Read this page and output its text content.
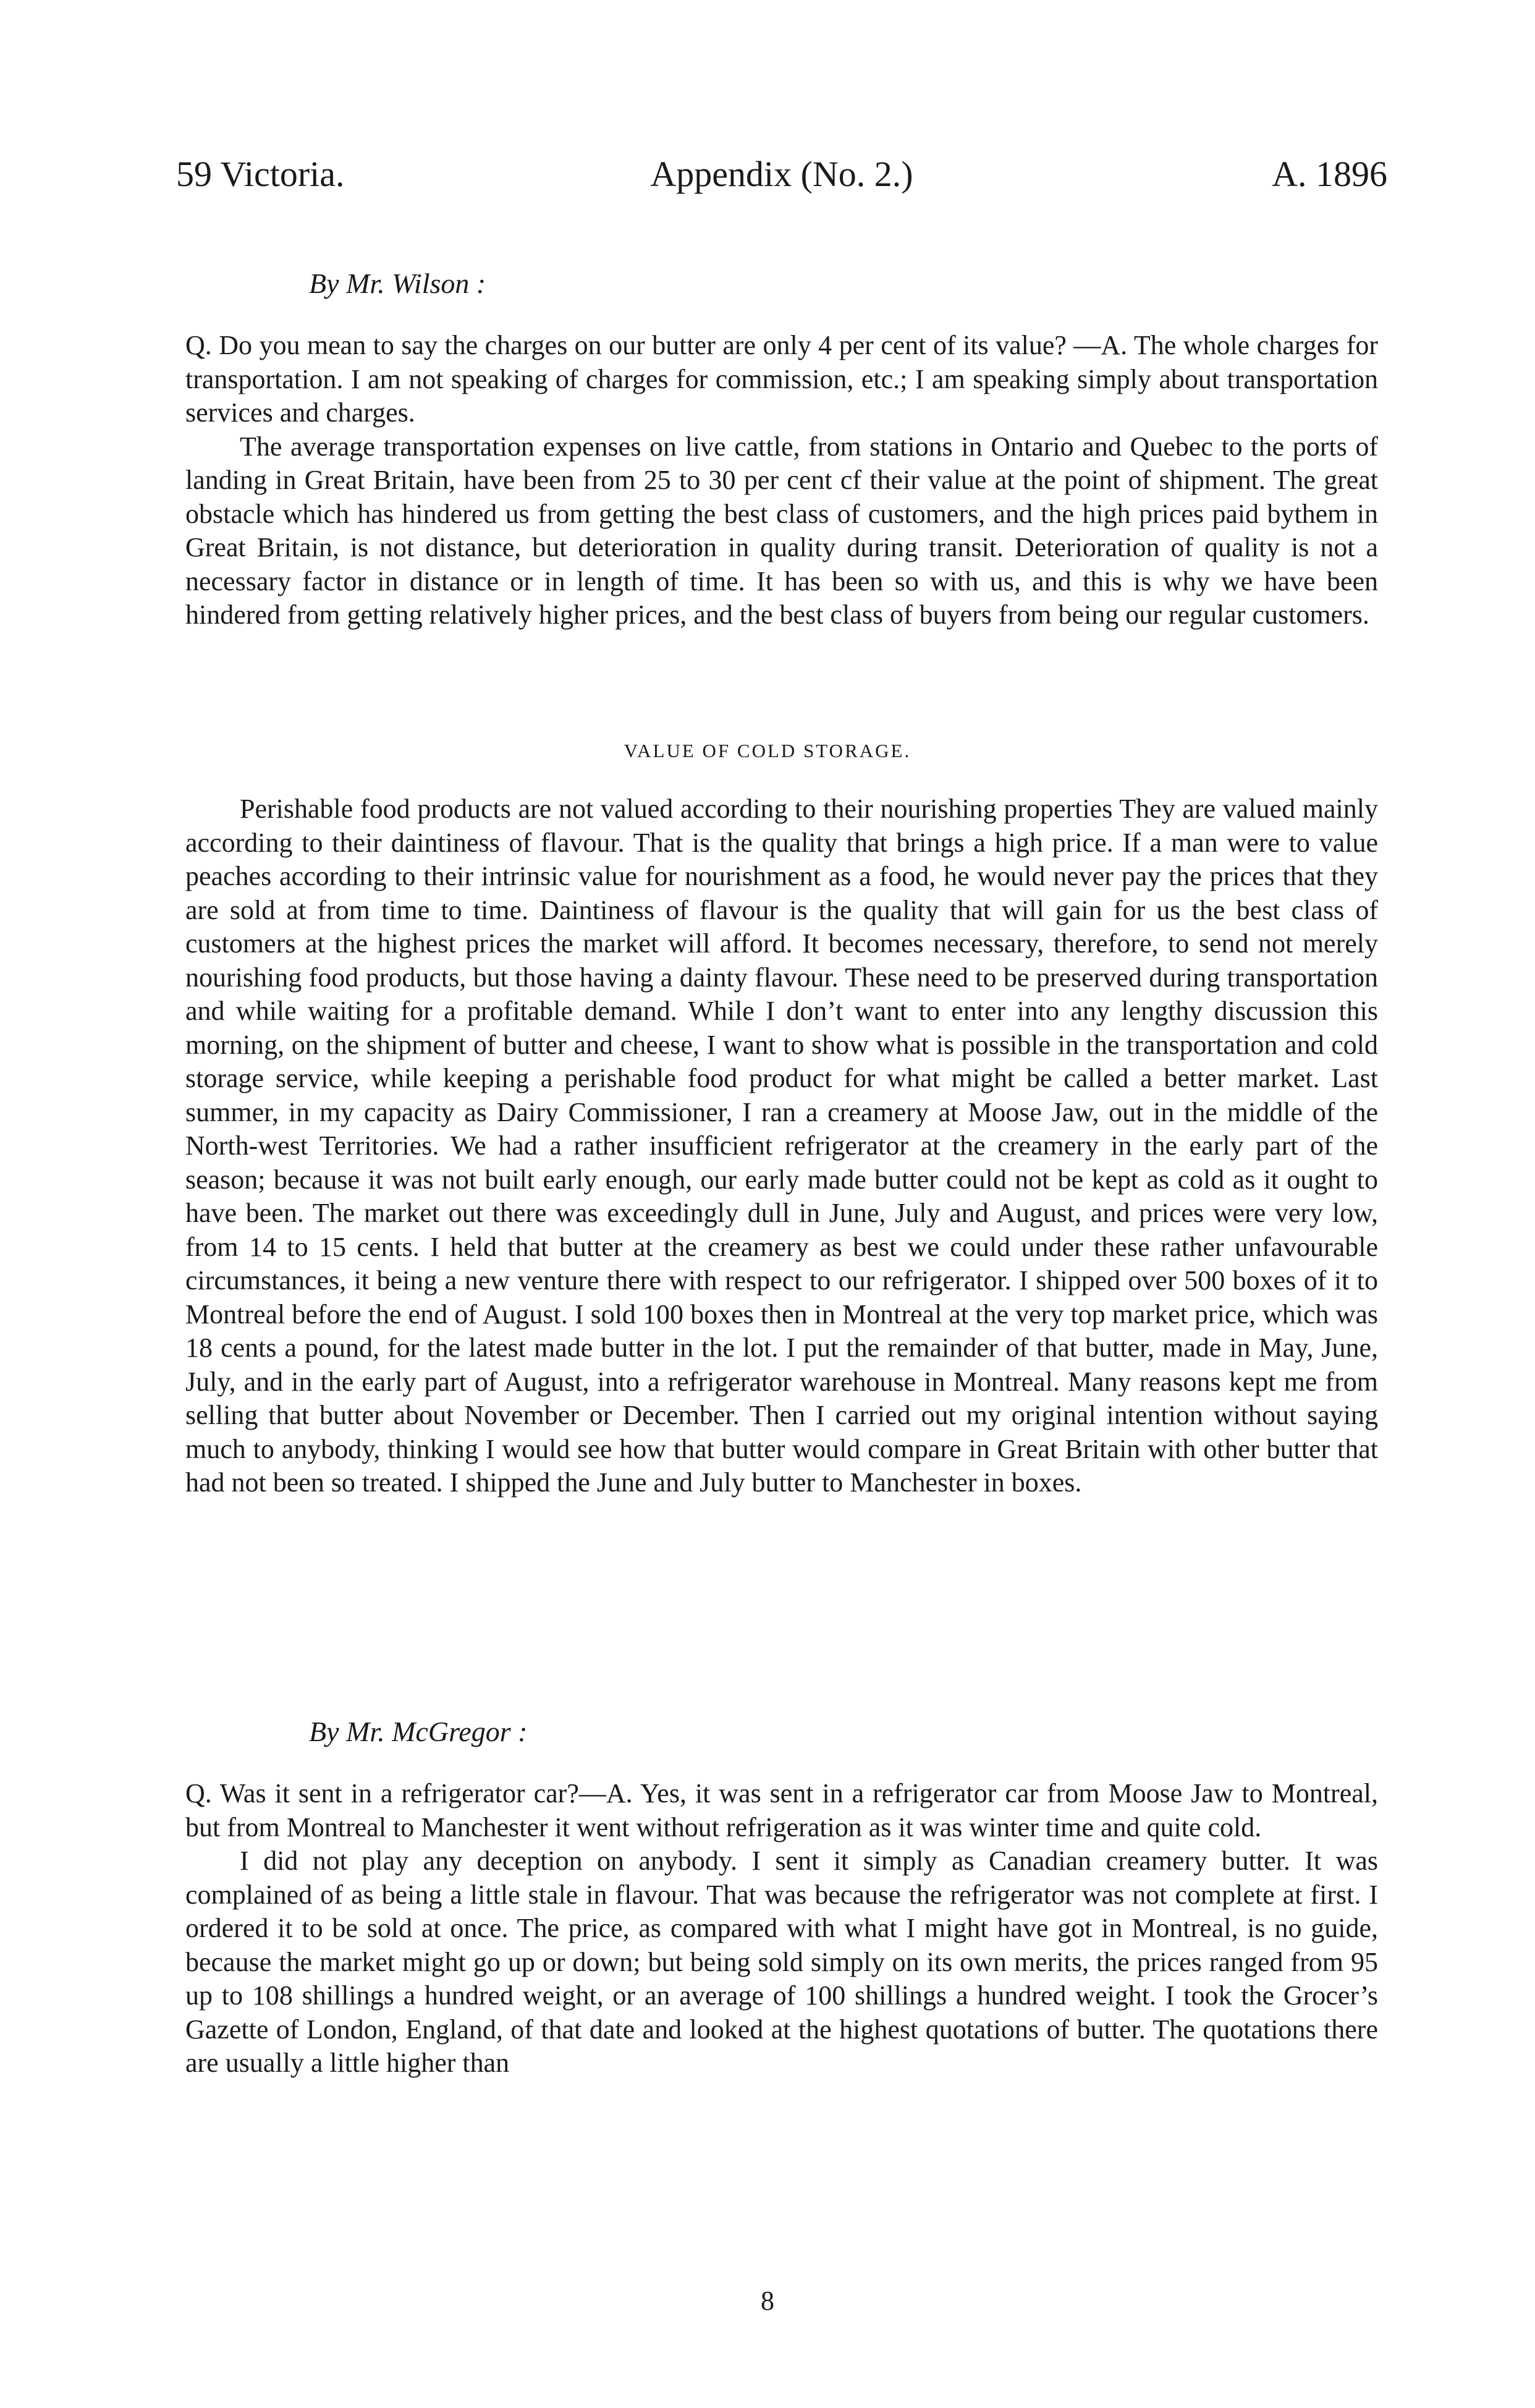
59 Victoria.	Appendix (No. 2.)	A. 1896
By Mr. Wilson :

Q. Do you mean to say the charges on our butter are only 4 per cent of its value? —A. The whole charges for transportation. I am not speaking of charges for commission, etc.; I am speaking simply about transportation services and charges.

The average transportation expenses on live cattle, from stations in Ontario and Quebec to the ports of landing in Great Britain, have been from 25 to 30 per cent cf their value at the point of shipment. The great obstacle which has hindered us from getting the best class of customers, and the high prices paid bythem in Great Britain, is not distance, but deterioration in quality during transit. Deterioration of quality is not a necessary factor in distance or in length of time. It has been so with us, and this is why we have been hindered from getting relatively higher prices, and the best class of buyers from being our regular customers.

VALUE OF COLD STORAGE.

Perishable food products are not valued according to their nourishing properties They are valued mainly according to their daintiness of flavour. That is the quality that brings a high price. If a man were to value peaches according to their intrinsic value for nourishment as a food, he would never pay the prices that they are sold at from time to time. Daintiness of flavour is the quality that will gain for us the best class of customers at the highest prices the market will afford. It becomes necessary, therefore, to send not merely nourishing food products, but those having a dainty flavour. These need to be preserved during transportation and while waiting for a profitable demand. While I don’t want to enter into any lengthy discussion this morning, on the shipment of butter and cheese, I want to show what is possible in the transportation and cold storage service, while keeping a perishable food product for what might be called a better market. Last summer, in my capacity as Dairy Commissioner, I ran a creamery at Moose Jaw, out in the middle of the North-west Territories. We had a rather insufficient refrigerator at the creamery in the early part of the season; because it was not built early enough, our early made butter could not be kept as cold as it ought to have been. The market out there was exceedingly dull in June, July and August, and prices were very low, from 14 to 15 cents. I held that butter at the creamery as best we could under these rather unfavourable circumstances, it being a new venture there with respect to our refrigerator. I shipped over 500 boxes of it to Montreal before the end of August. I sold 100 boxes then in Montreal at the very top market price, which was 18 cents a pound, for the latest made butter in the lot. I put the remainder of that butter, made in May, June, July, and in the early part of August, into a refrigerator warehouse in Montreal. Many reasons kept me from selling that butter about November or December. Then I carried out my original intention without saying much to anybody, thinking I would see how that butter would compare in Great Britain with other butter that had not been so treated. I shipped the June and July butter to Manchester in boxes.

By Mr. McGregor :

Q. Was it sent in a refrigerator car?—A. Yes, it was sent in a refrigerator car from Moose Jaw to Montreal, but from Montreal to Manchester it went without refrigeration as it was winter time and quite cold.

I did not play any deception on anybody. I sent it simply as Canadian creamery butter. It was complained of as being a little stale in flavour. That was because the refrigerator was not complete at first. I ordered it to be sold at once. The price, as compared with what I might have got in Montreal, is no guide, because the market might go up or down; but being sold simply on its own merits, the prices ranged from 95 up to 108 shillings a hundred weight, or an average of 100 shillings a hundred weight. I took the Grocer’s Gazette of London, England, of that date and looked at the highest quotations of butter. The quotations there are usually a little higher than

8
